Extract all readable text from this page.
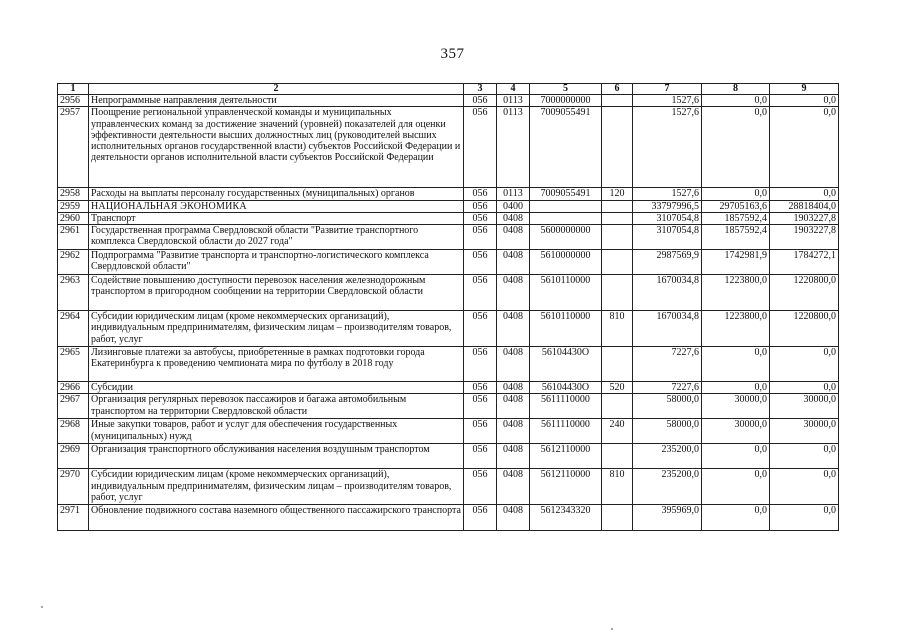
357
1	2	3	4	5	6	7	8	9
2956	Непрограммные направления деятельности	056	0113	7000000000		1527,6	0,0	0,0
2957	Поощрение региональной управленческой команды и муниципальных управленческих команд за достижение значений (уровней) показателей для оценки эффективности деятельности высших должностных лиц (руководителей высших исполнительных органов государственной власти) субъектов Российской Федерации и деятельности органов исполнительной власти субъектов Российской Федерации	056	0113	7009055491		1527,6	0,0	0,0
2958	Расходы на выплаты персоналу государственных (муниципальных) органов	056	0113	7009055491	120	1527,6	0,0	0,0
2959	НАЦИОНАЛЬНАЯ ЭКОНОМИКА	056	0400			33797996,5	29705163,6	28818404,0
2960	Транспорт	056	0408			3107054,8	1857592,4	1903227,8
2961	Государственная программа Свердловской области "Развитие транспортного комплекса Свердловской области до 2027 года"	056	0408	5600000000		3107054,8	1857592,4	1903227,8
2962	Подпрограмма "Развитие транспорта и транспортно-логистического комплекса Свердловской области"	056	0408	5610000000		2987569,9	1742981,9	1784272,1
2963	Содействие повышению доступности перевозок населения железнодорожным транспортом в пригородном сообщении на территории Свердловской области	056	0408	5610110000		1670034,8	1223800,0	1220800,0
2964	Субсидии юридическим лицам (кроме некоммерческих организаций), индивидуальным предпринимателям, физическим лицам – производителям товаров, работ, услуг	056	0408	5610110000	810	1670034,8	1223800,0	1220800,0
2965	Лизинговые платежи за автобусы, приобретенные в рамках подготовки города Екатеринбурга к проведению чемпионата мира по футболу в 2018 году	056	0408	56104430О		7227,6	0,0	0,0
2966	Субсидии	056	0408	56104430О	520	7227,6	0,0	0,0
2967	Организация регулярных перевозок пассажиров и багажа автомобильным транспортом на территории Свердловской области	056	0408	5611110000		58000,0	30000,0	30000,0
2968	Иные закупки товаров, работ и услуг для обеспечения государственных (муниципальных) нужд	056	0408	5611110000	240	58000,0	30000,0	30000,0
2969	Организация транспортного обслуживания населения воздушным транспортом	056	0408	5612110000		235200,0	0,0	0,0
2970	Субсидии юридическим лицам (кроме некоммерческих организаций), индивидуальным предпринимателям, физическим лицам – производителям товаров, работ, услуг	056	0408	5612110000	810	235200,0	0,0	0,0
2971	Обновление подвижного состава наземного общественного пассажирского транспорта	056	0408	5612343320		395969,0	0,0	0,0
